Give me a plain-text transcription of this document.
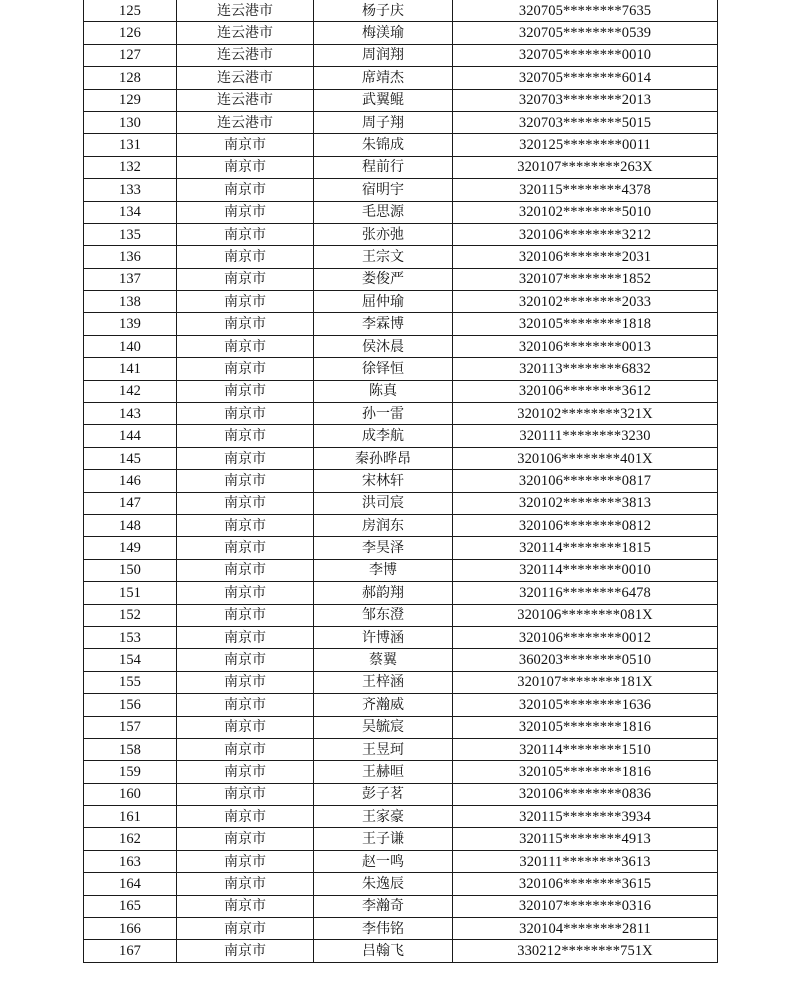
125	连云港市	杨子庆	320705********7635
126	连云港市	梅渼瑜	320705********0539
127	连云港市	周润翔	320705********0010
128	连云港市	席靖杰	320705********6014
129	连云港市	武翼鲲	320703********2013
130	连云港市	周子翔	320703********5015
131	南京市	朱锦成	320125********0011
132	南京市	程前行	320107********263X
133	南京市	宿明宇	320115********4378
134	南京市	毛思源	320102********5010
135	南京市	张亦弛	320106********3212
136	南京市	王宗文	320106********2031
137	南京市	娄俊严	320107********1852
138	南京市	屈仲瑜	320102********2033
139	南京市	李霖博	320105********1818
140	南京市	侯沐晨	320106********0013
141	南京市	徐铎恒	320113********6832
142	南京市	陈真	320106********3612
143	南京市	孙一雷	320102********321X
144	南京市	成李航	320111********3230
145	南京市	秦孙晔昂	320106********401X
146	南京市	宋林轩	320106********0817
147	南京市	洪司宸	320102********3813
148	南京市	房润东	320106********0812
149	南京市	李昊泽	320114********1815
150	南京市	李博	320114********0010
151	南京市	郝韵翔	320116********6478
152	南京市	邹东澄	320106********081X
153	南京市	许博涵	320106********0012
154	南京市	蔡翼	360203********0510
155	南京市	王梓涵	320107********181X
156	南京市	齐瀚威	320105********1636
157	南京市	吴毓宸	320105********1816
158	南京市	王昱珂	320114********1510
159	南京市	王赫晅	320105********1816
160	南京市	彭子茗	320106********0836
161	南京市	王家豪	320115********3934
162	南京市	王子谦	320115********4913
163	南京市	赵一鸣	320111********3613
164	南京市	朱逸辰	320106********3615
165	南京市	李瀚奇	320107********0316
166	南京市	李伟铭	320104********2811
167	南京市	吕翰飞	330212********751X
